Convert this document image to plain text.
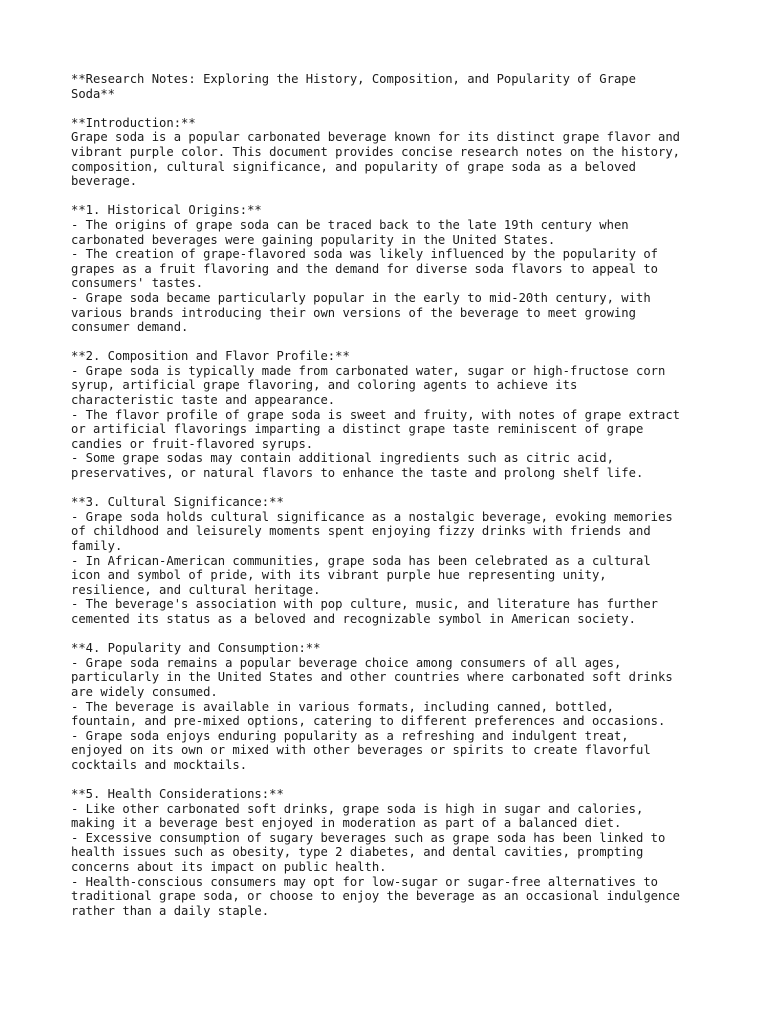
**Research Notes: Exploring the History, Composition, and Popularity of Grape
Soda**
**Introduction:**
Grape soda is a popular carbonated beverage known for its distinct grape flavor and
vibrant purple color. This document provides concise research notes on the history,
composition, cultural significance, and popularity of grape soda as a beloved
beverage.
**1. Historical Origins:**
- The origins of grape soda can be traced back to the late 19th century when
carbonated beverages were gaining popularity in the United States.
- The creation of grape-flavored soda was likely influenced by the popularity of
grapes as a fruit flavoring and the demand for diverse soda flavors to appeal to
consumers' tastes.
- Grape soda became particularly popular in the early to mid-20th century, with
various brands introducing their own versions of the beverage to meet growing
consumer demand.
**2. Composition and Flavor Profile:**
- Grape soda is typically made from carbonated water, sugar or high-fructose corn
syrup, artificial grape flavoring, and coloring agents to achieve its
characteristic taste and appearance.
- The flavor profile of grape soda is sweet and fruity, with notes of grape extract
or artificial flavorings imparting a distinct grape taste reminiscent of grape
candies or fruit-flavored syrups.
- Some grape sodas may contain additional ingredients such as citric acid,
preservatives, or natural flavors to enhance the taste and prolong shelf life.
**3. Cultural Significance:**
- Grape soda holds cultural significance as a nostalgic beverage, evoking memories
of childhood and leisurely moments spent enjoying fizzy drinks with friends and
family.
- In African-American communities, grape soda has been celebrated as a cultural
icon and symbol of pride, with its vibrant purple hue representing unity,
resilience, and cultural heritage.
- The beverage's association with pop culture, music, and literature has further
cemented its status as a beloved and recognizable symbol in American society.
**4. Popularity and Consumption:**
- Grape soda remains a popular beverage choice among consumers of all ages,
particularly in the United States and other countries where carbonated soft drinks
are widely consumed.
- The beverage is available in various formats, including canned, bottled,
fountain, and pre-mixed options, catering to different preferences and occasions.
- Grape soda enjoys enduring popularity as a refreshing and indulgent treat,
enjoyed on its own or mixed with other beverages or spirits to create flavorful
cocktails and mocktails.
**5. Health Considerations:**
- Like other carbonated soft drinks, grape soda is high in sugar and calories,
making it a beverage best enjoyed in moderation as part of a balanced diet.
- Excessive consumption of sugary beverages such as grape soda has been linked to
health issues such as obesity, type 2 diabetes, and dental cavities, prompting
concerns about its impact on public health.
- Health-conscious consumers may opt for low-sugar or sugar-free alternatives to
traditional grape soda, or choose to enjoy the beverage as an occasional indulgence
rather than a daily staple.
